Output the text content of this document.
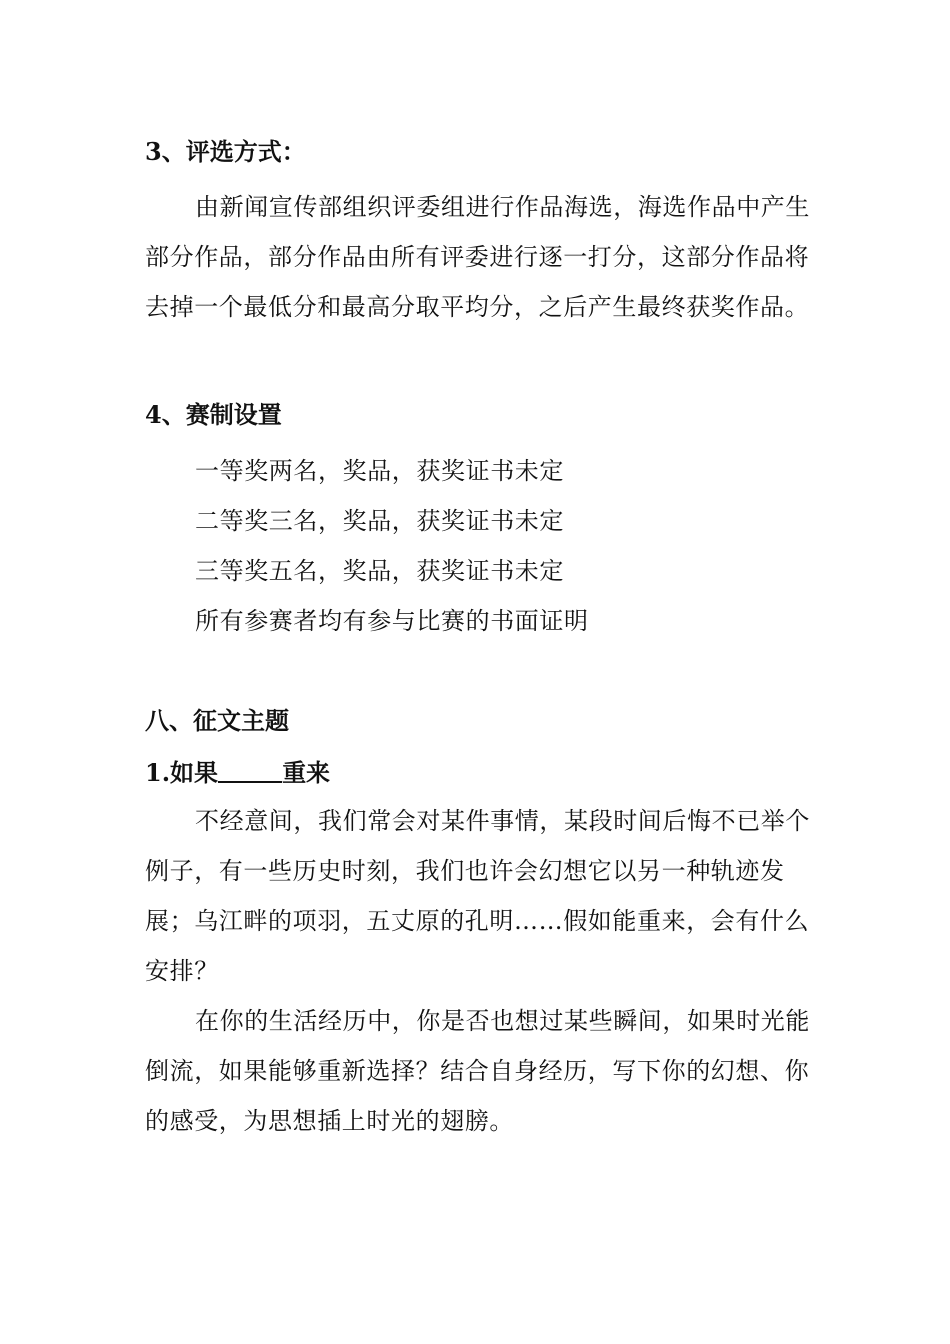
3、评选方式：

由新闻宣传部组织评委组进行作品海选，海选作品中产生部分作品，部分作品由所有评委进行逐一打分，这部分作品将去掉一个最低分和最高分取平均分，之后产生最终获奖作品。

4、赛制设置
一等奖两名，奖品，获奖证书未定
二等奖三名，奖品，获奖证书未定
三等奖五名，奖品，获奖证书未定
所有参赛者均有参与比赛的书面证明
八、征文主题
1.如果	重来

不经意间，我们常会对某件事情，某段时间后悔不已举个例子，有一些历史时刻，我们也许会幻想它以另一种轨迹发展；乌江畔的项羽，五丈原的孔明……假如能重来，会有什么安排？

在你的生活经历中，你是否也想过某些瞬间，如果时光能倒流，如果能够重新选择？结合自身经历，写下你的幻想、你的感受，为思想插上时光的翅膀。
